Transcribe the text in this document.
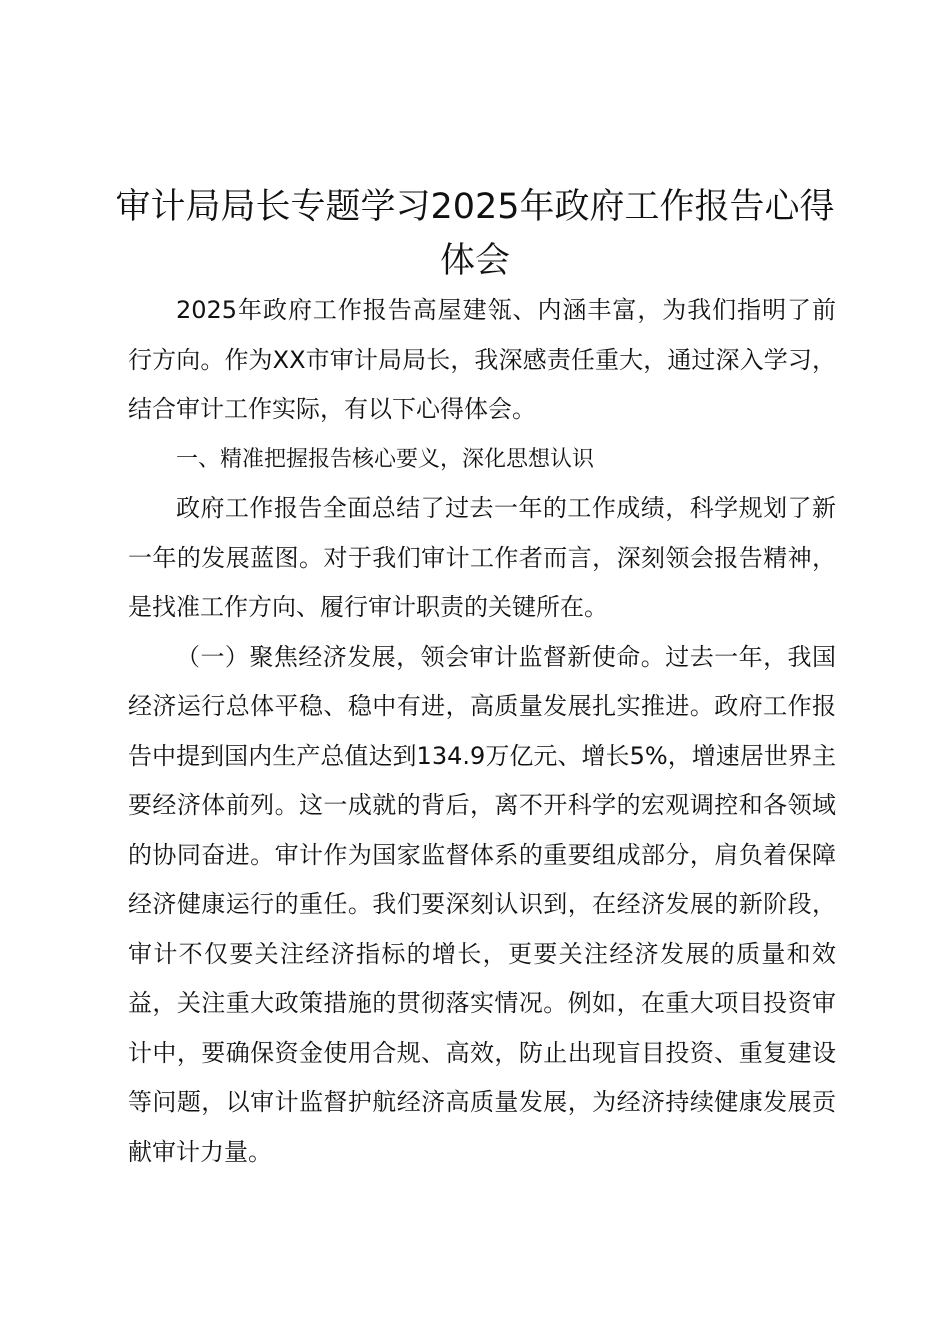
审计局局长专题学习2025年政府工作报告心得体会

2025年政府工作报告高屋建瓴、内涵丰富，为我们指明了前行方向。作为XX市审计局局长，我深感责任重大，通过深入学习，结合审计工作实际，有以下心得体会。

一、精准把握报告核心要义，深化思想认识

政府工作报告全面总结了过去一年的工作成绩，科学规划了新一年的发展蓝图。对于我们审计工作者而言，深刻领会报告精神，是找准工作方向、履行审计职责的关键所在。

（一）聚焦经济发展，领会审计监督新使命。过去一年，我国经济运行总体平稳、稳中有进，高质量发展扎实推进。政府工作报告中提到国内生产总值达到134.9万亿元、增长5%，增速居世界主要经济体前列。这一成就的背后，离不开科学的宏观调控和各领域的协同奋进。审计作为国家监督体系的重要组成部分，肩负着保障经济健康运行的重任。我们要深刻认识到，在经济发展的新阶段，审计不仅要关注经济指标的增长，更要关注经济发展的质量和效益，关注重大政策措施的贯彻落实情况。例如，在重大项目投资审计中，要确保资金使用合规、高效，防止出现盲目投资、重复建设等问题，以审计监督护航经济高质量发展，为经济持续健康发展贡献审计力量。
